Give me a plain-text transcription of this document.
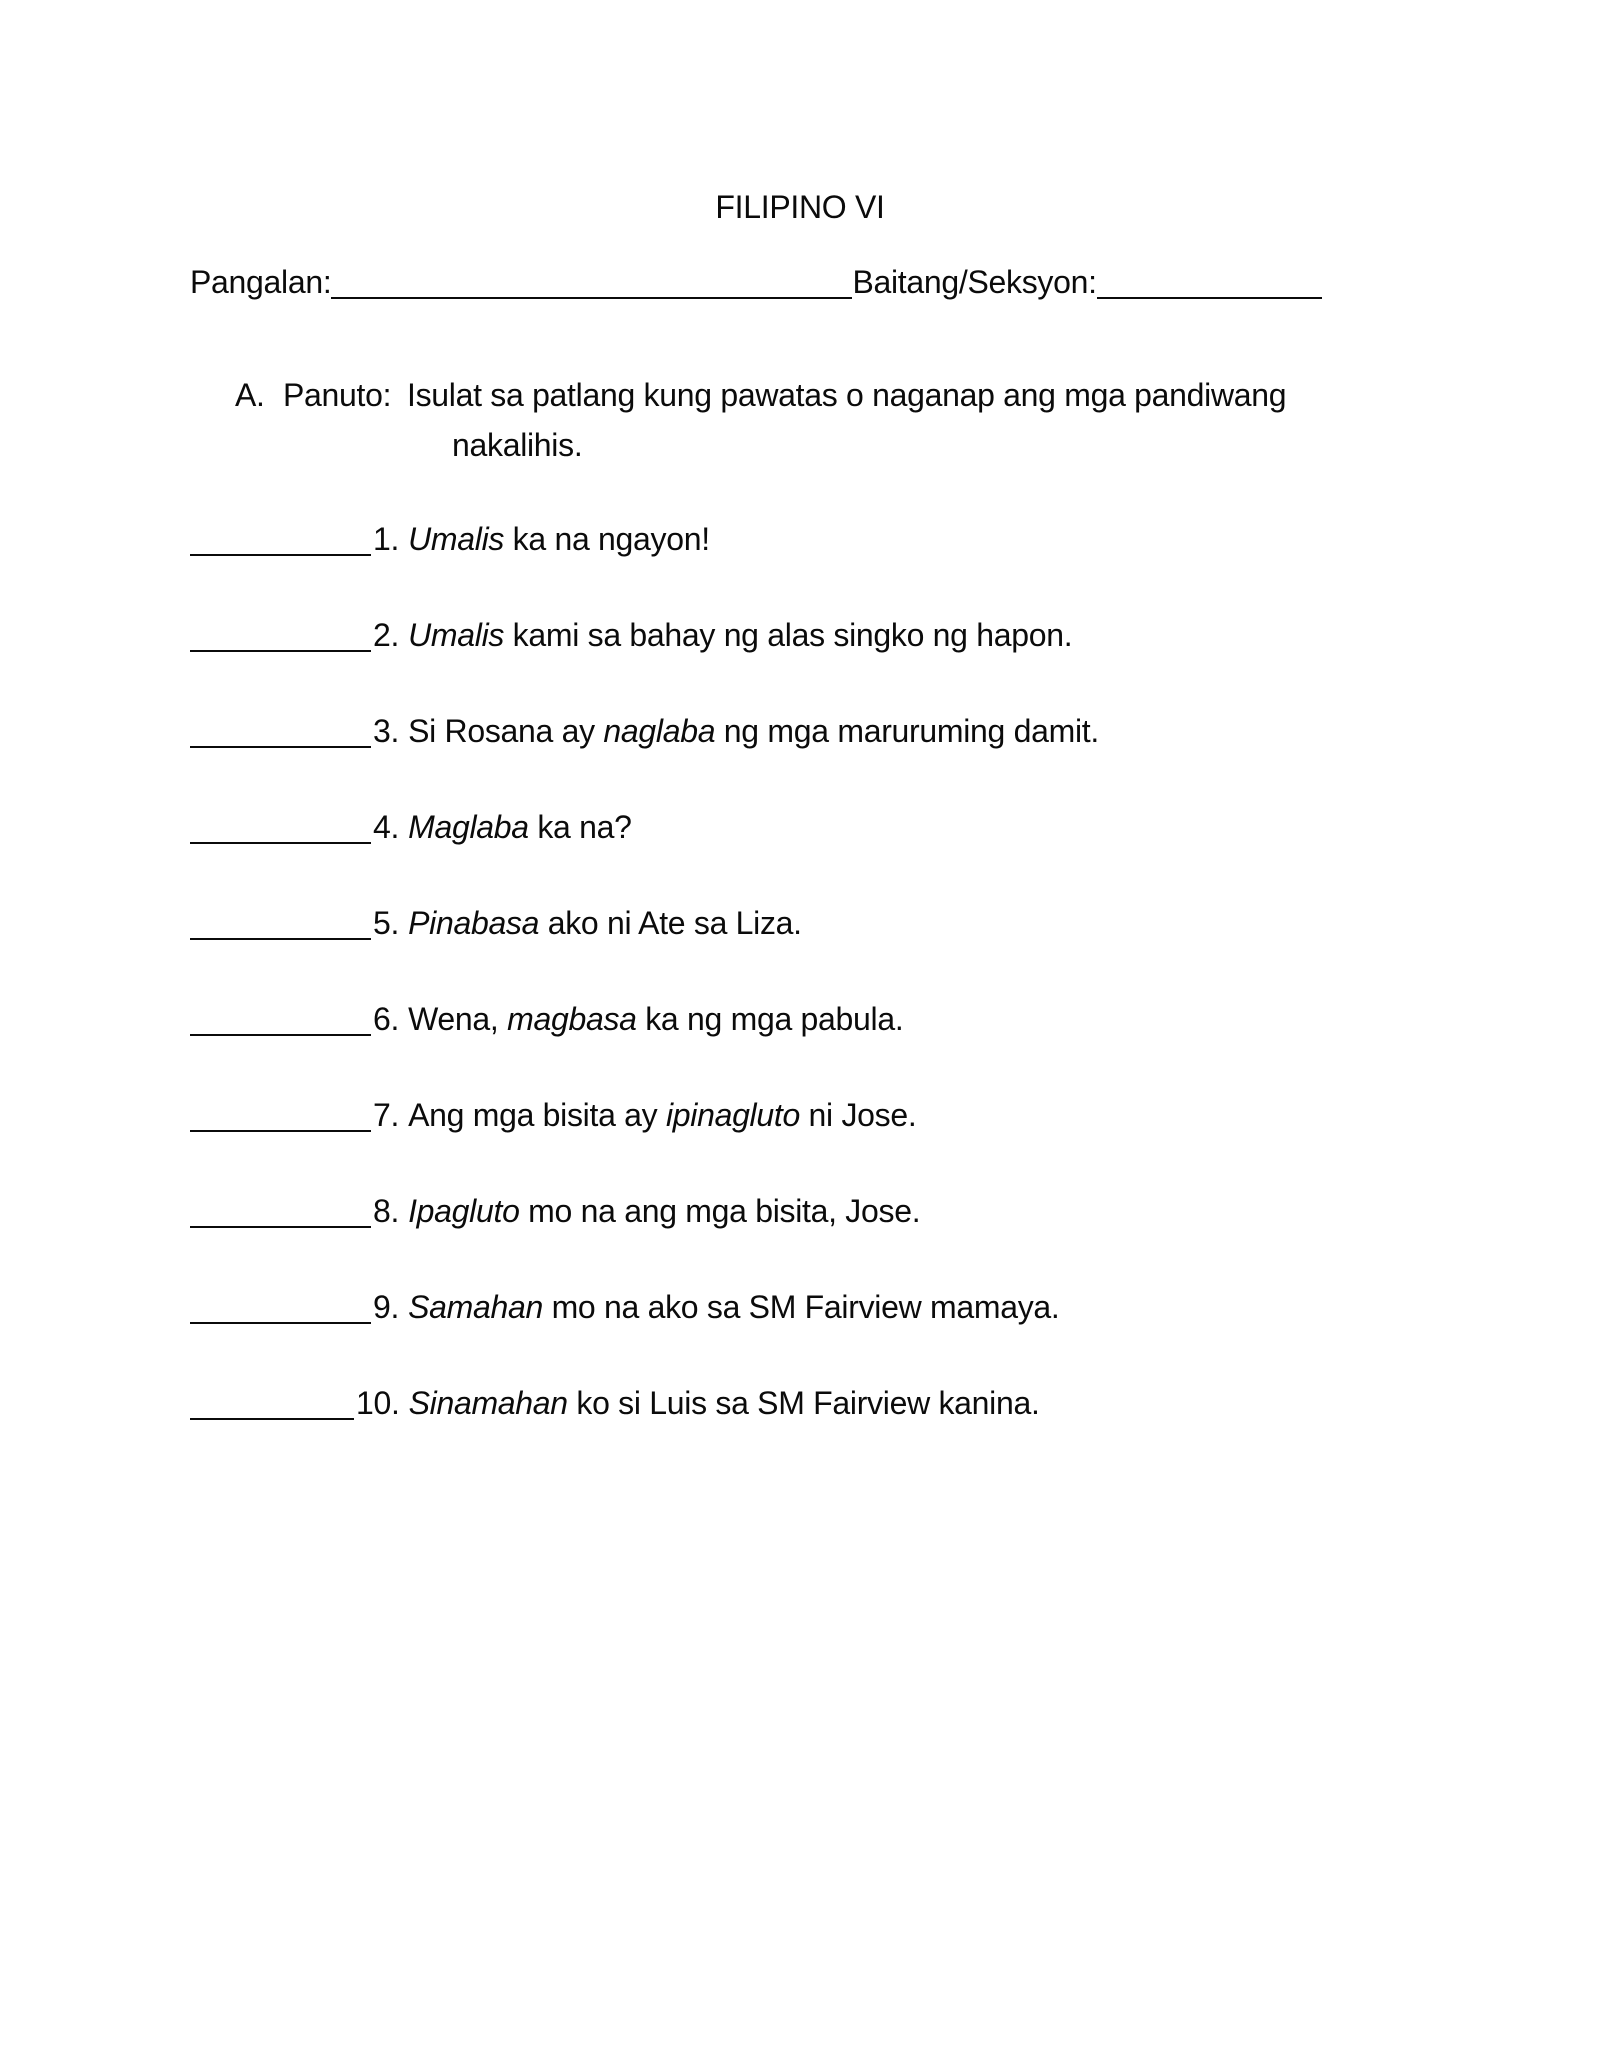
FILIPINO VI
Pangalan:	Baitang/Seksyon:
A. Panuto: Isulat sa patlang kung pawatas o naganap ang mga pandiwang
nakalihis.
1. Umalis ka na ngayon!
2. Umalis kami sa bahay ng alas singko ng hapon.
3. Si Rosana ay naglaba ng mga maruruming damit.
4. Maglaba ka na?
5. Pinabasa ako ni Ate sa Liza.
6. Wena, magbasa ka ng mga pabula.
7. Ang mga bisita ay ipinagluto ni Jose.
8. Ipagluto mo na ang mga bisita, Jose.
9. Samahan mo na ako sa SM Fairview mamaya.
10. Sinamahan ko si Luis sa SM Fairview kanina.
